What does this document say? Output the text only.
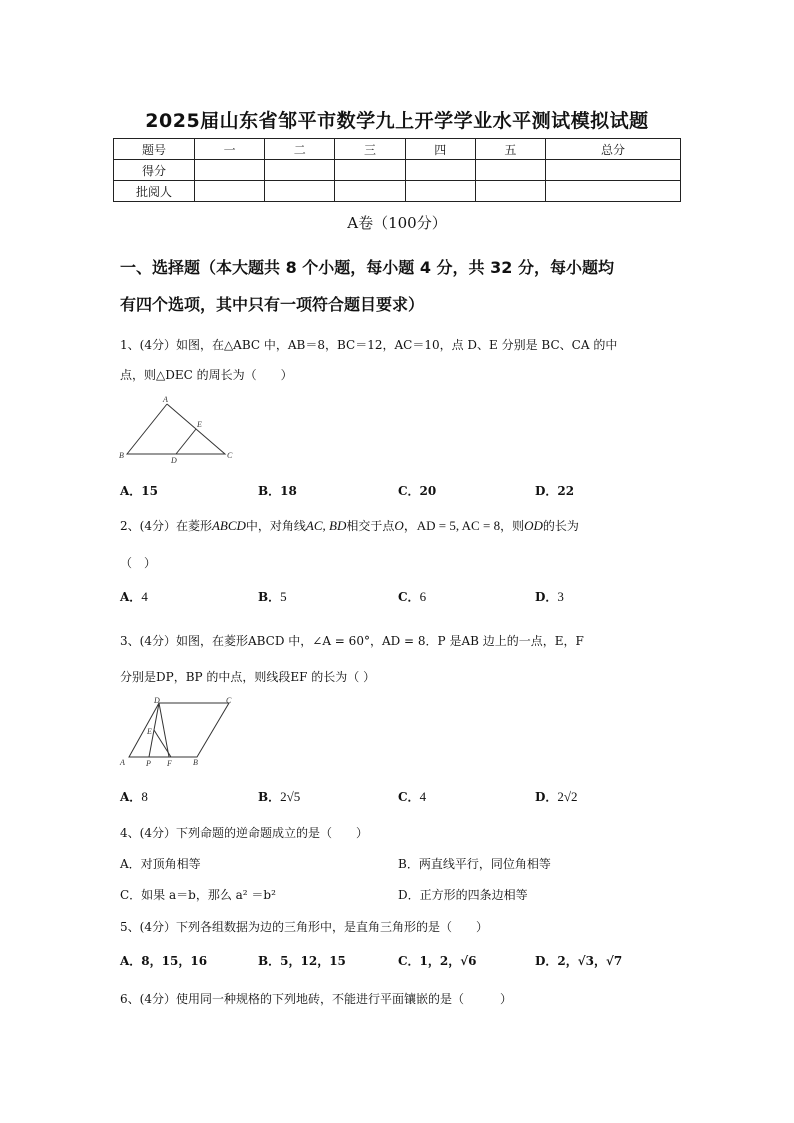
2025届山东省邹平市数学九上开学学业水平测试模拟试题
题号	一	二	三	四	五	总分
得分						
批阅人						
A卷（100分）
一、选择题（本大题共 8 个小题，每小题 4 分，共 32 分，每小题均
有四个选项，其中只有一项符合题目要求）
1、(4分）如图，在△ABC 中，AB＝8，BC＝12，AC＝10，点 D、E 分别是 BC、CA 的中
点，则△DEC 的周长为（　　）
A
E
B
D
C
A．15	B．18	C．20	D．22
2、(4分）在菱形ABCD中，对角线AC, BD相交于点O，AD = 5, AC = 8，则OD的长为
（　）
A．4	B．5	C．6	D．3
3、(4分）如图，在菱形ABCD 中，∠A = 60°，AD = 8．P 是AB 边上的一点，E，F
分别是DP，BP 的中点，则线段EF 的长为（ ）
D	C
E
A	P F	B
A．8	B．2√5	C．4	D．2√2
4、(4分）下列命题的逆命题成立的是（　　）
A．对顶角相等	B．两直线平行，同位角相等
C．如果 a＝b，那么 a² ＝b²	D．正方形的四条边相等
5、(4分）下列各组数据为边的三角形中，是直角三角形的是（　　）
A．8，15，16	B．5，12，15	C．1，2，√6	D．2，√3，√7
6、(4分）使用同一种规格的下列地砖，不能进行平面镶嵌的是（　　　）
